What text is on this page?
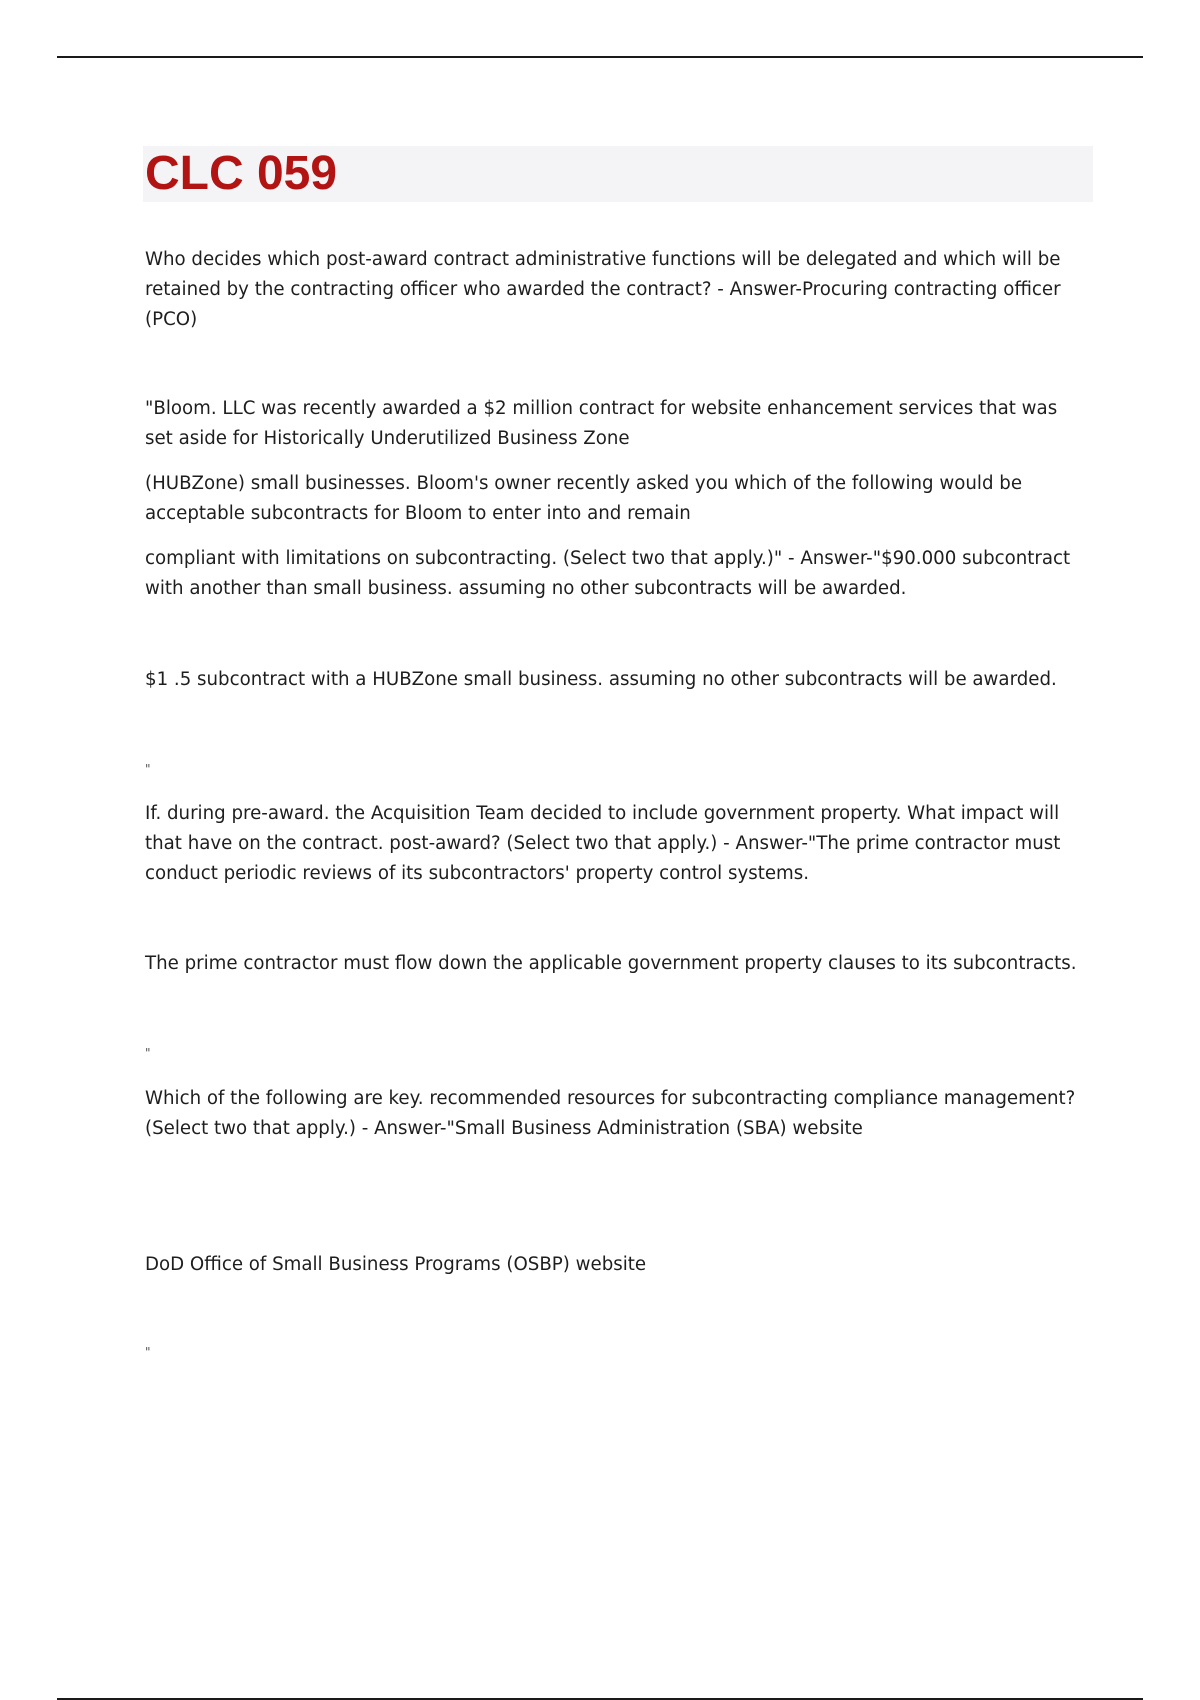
CLC 059

Who decides which post-award contract administrative functions will be delegated and which will be retained by the contracting officer who awarded the contract? - Answer-Procuring contracting officer (PCO)

"Bloom. LLC was recently awarded a $2 million contract for website enhancement services that was set aside for Historically Underutilized Business Zone

(HUBZone) small businesses. Bloom's owner recently asked you which of the following would be acceptable subcontracts for Bloom to enter into and remain

compliant with limitations on subcontracting. (Select two that apply.)" - Answer-"$90.000 subcontract with another than small business. assuming no other subcontracts will be awarded.

$1 .5 subcontract with a HUBZone small business. assuming no other subcontracts will be awarded.

"

If. during pre-award. the Acquisition Team decided to include government property. What impact will that have on the contract. post-award? (Select two that apply.) - Answer-"The prime contractor must conduct periodic reviews of its subcontractors' property control systems.

The prime contractor must flow down the applicable government property clauses to its subcontracts.

"

Which of the following are key. recommended resources for subcontracting compliance management? (Select two that apply.) - Answer-"Small Business Administration (SBA) website

DoD Office of Small Business Programs (OSBP) website

"
